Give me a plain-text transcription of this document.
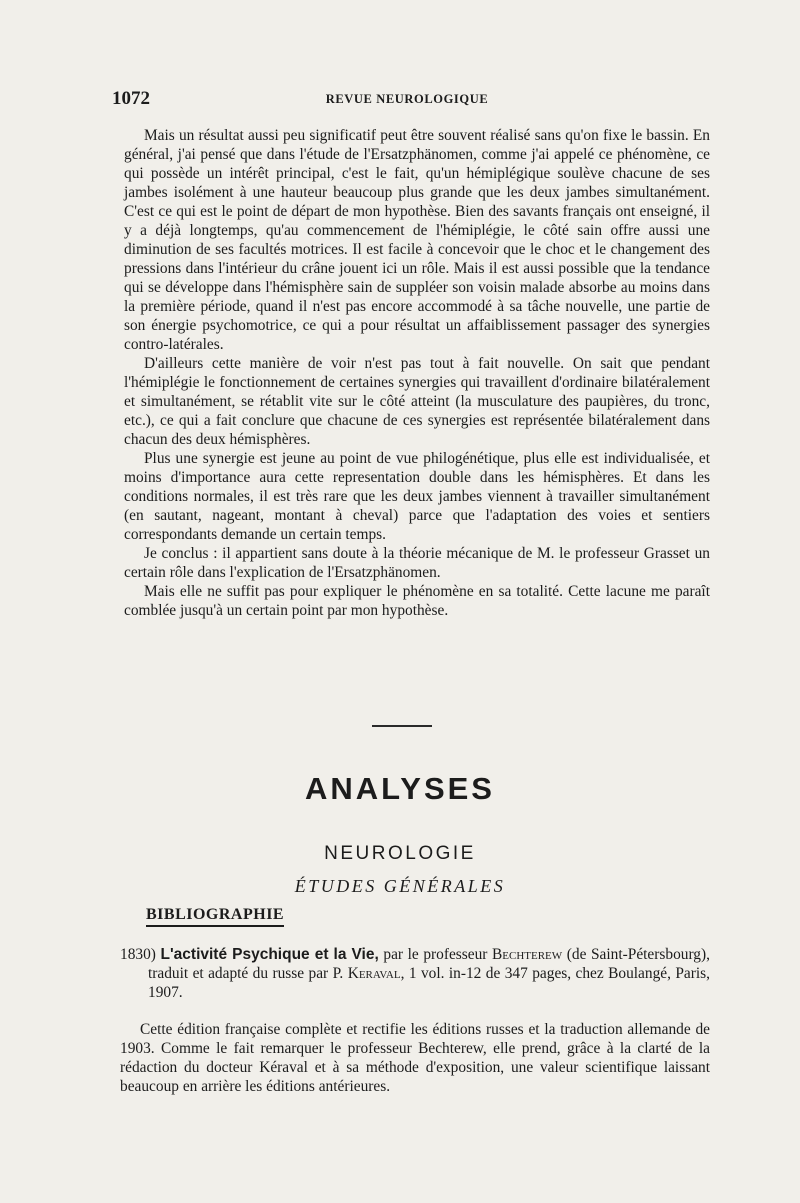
1072	REVUE NEUROLOGIQUE

Mais un résultat aussi peu significatif peut être souvent réalisé sans qu'on fixe le bassin. En général, j'ai pensé que dans l'étude de l'Ersatzphänomen, comme j'ai appelé ce phénomène, ce qui possède un intérêt principal, c'est le fait, qu'un hémiplégique soulève chacune de ses jambes isolément à une hauteur beaucoup plus grande que les deux jambes simultanément. C'est ce qui est le point de départ de mon hypothèse. Bien des savants français ont enseigné, il y a déjà longtemps, qu'au commencement de l'hémiplégie, le côté sain offre aussi une diminution de ses facultés motrices. Il est facile à concevoir que le choc et le changement des pressions dans l'intérieur du crâne jouent ici un rôle. Mais il est aussi possible que la tendance qui se développe dans l'hémisphère sain de suppléer son voisin malade absorbe au moins dans la première période, quand il n'est pas encore accommodé à sa tâche nouvelle, une partie de son énergie psychomotrice, ce qui a pour résultat un affaiblissement passager des synergies contro-latérales.

D'ailleurs cette manière de voir n'est pas tout à fait nouvelle. On sait que pendant l'hémiplégie le fonctionnement de certaines synergies qui travaillent d'ordinaire bilatéralement et simultanément, se rétablit vite sur le côté atteint (la musculature des paupières, du tronc, etc.), ce qui a fait conclure que chacune de ces synergies est représentée bilatéralement dans chacun des deux hémisphères.

Plus une synergie est jeune au point de vue philogénétique, plus elle est individualisée, et moins d'importance aura cette representation double dans les hémisphères. Et dans les conditions normales, il est très rare que les deux jambes viennent à travailler simultanément (en sautant, nageant, montant à cheval) parce que l'adaptation des voies et sentiers correspondants demande un certain temps.

Je conclus : il appartient sans doute à la théorie mécanique de M. le professeur Grasset un certain rôle dans l'explication de l'Ersatzphänomen.

Mais elle ne suffit pas pour expliquer le phénomène en sa totalité. Cette lacune me paraît comblée jusqu'à un certain point par mon hypothèse.

ANALYSES
NEUROLOGIE
ÉTUDES GÉNÉRALES
BIBLIOGRAPHIE

1830) L'activité Psychique et la Vie, par le professeur Bechterew (de Saint-Pétersbourg), traduit et adapté du russe par P. Keraval, 1 vol. in-12 de 347 pages, chez Boulangé, Paris, 1907.

Cette édition française complète et rectifie les éditions russes et la traduction allemande de 1903. Comme le fait remarquer le professeur Bechterew, elle prend, grâce à la clarté de la rédaction du docteur Kéraval et à sa méthode d'exposition, une valeur scientifique laissant beaucoup en arrière les éditions antérieures.
